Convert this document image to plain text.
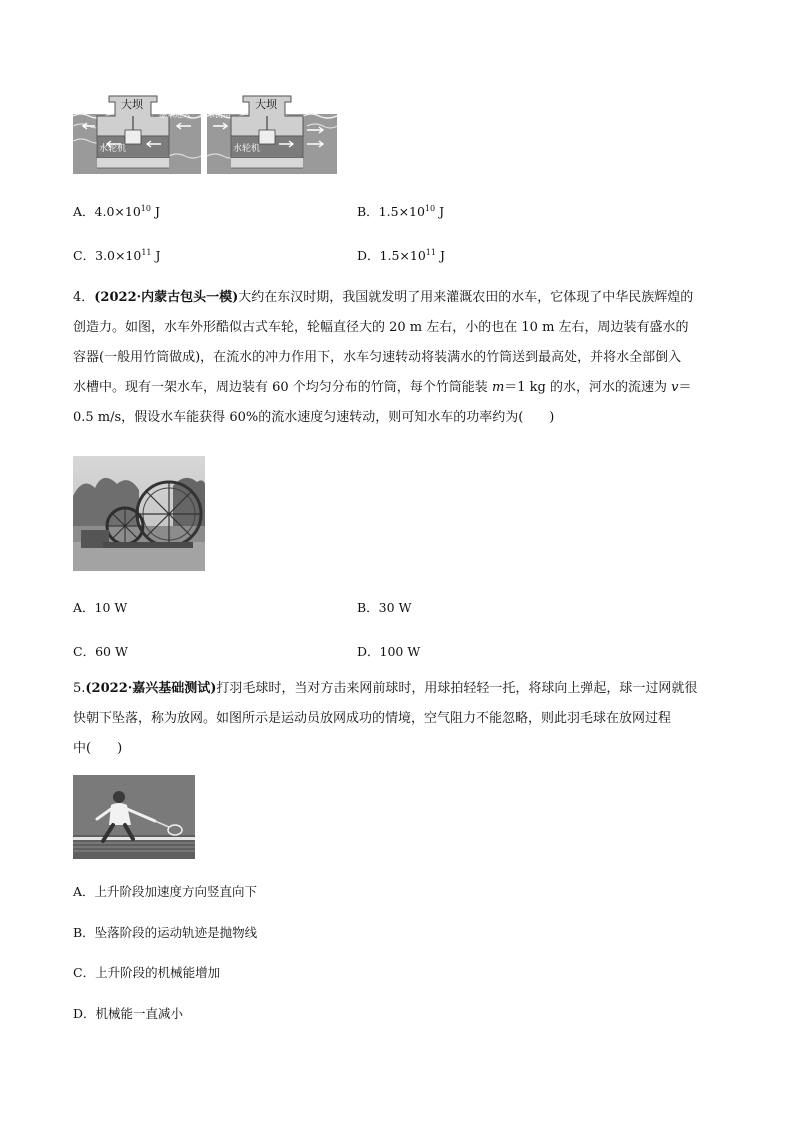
大坝
潮水进入
水轮机
大坝
潮水流出
水轮机
A．$4.0\times 10^{10}$ J	B．$1.5\times 10^{10}$ J
C．$3.0\times 10^{11}$ J	D．$1.5\times 10^{11}$ J
4．(2022·内蒙古包头一模)大约在东汉时期，我国就发明了用来灌溉农田的水车，它体现了中华民族辉煌的
创造力。如图，水车外形酷似古式车轮，轮幅直径大的 20 m 左右，小的也在 10 m 左右，周边装有盛水的
容器(一般用竹筒做成)，在流水的冲力作用下，水车匀速转动将装满水的竹筒送到最高处，并将水全部倒入
水槽中。现有一架水车，周边装有 60 个均匀分布的竹筒，每个竹筒能装 m＝1 kg 的水，河水的流速为 v＝
0.5 m/s，假设水车能获得 60%的流水速度匀速转动，则可知水车的功率约为(　　)
A．10 W	B．30 W
C．60 W	D．100 W
5.(2022·嘉兴基础测试)打羽毛球时，当对方击来网前球时，用球拍轻轻一托，将球向上弹起，球一过网就很
快朝下坠落，称为放网。如图所示是运动员放网成功的情境，空气阻力不能忽略，则此羽毛球在放网过程
中(　　)
A．上升阶段加速度方向竖直向下
B．坠落阶段的运动轨迹是抛物线
C．上升阶段的机械能增加
D．机械能一直减小
